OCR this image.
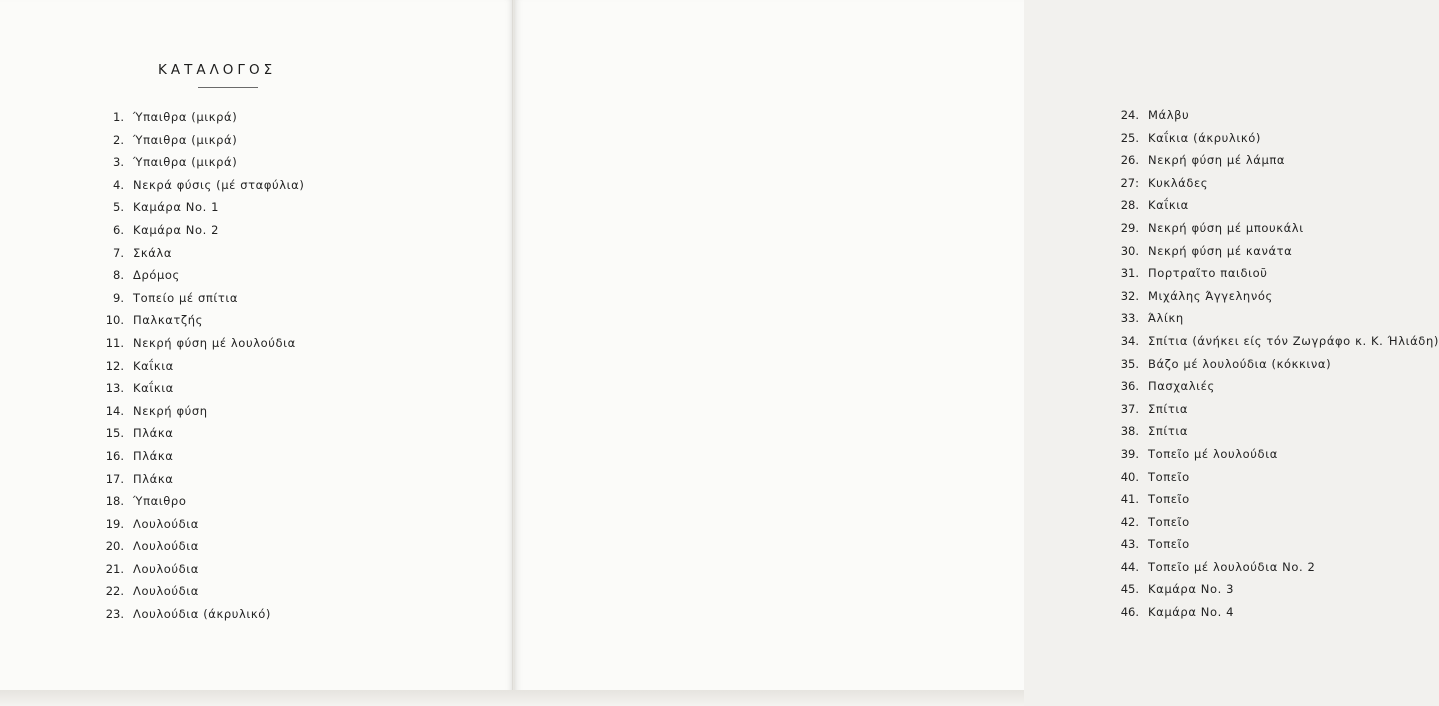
ΚΑΤΑΛΟΓΟΣ
1. Ύπαιθρα (μικρά)
2. Ύπαιθρα (μικρά)
3. Ύπαιθρα (μικρά)
4. Νεκρά φύσις (μέ σταφύλια)
5. Καμάρα Νο. 1
6. Καμάρα Νο. 2
7. Σκάλα
8. Δρόμος
9. Τοπείο μέ σπίτια
10. Παλκατζής
11. Νεκρή φύση μέ λουλούδια
12. Καΐκια
13. Καΐκια
14. Νεκρή φύση
15. Πλάκα
16. Πλάκα
17. Πλάκα
18. Ύπαιθρο
19. Λουλούδια
20. Λουλούδια
21. Λουλούδια
22. Λουλούδια
23. Λουλούδια (άκρυλικό)
24. Μάλβυ
25. Καΐκια (άκρυλικό)
26. Νεκρή φύση μέ λάμπα
27: Κυκλάδες
28. Καΐκια
29. Νεκρή φύση μέ μπουκάλι
30. Νεκρή φύση μέ κανάτα
31. Πορτραῖτο παιδιοῦ
32. Μιχάλης Άγγεληνός
33. Άλίκη
34. Σπίτια (άνήκει είς τόν Ζωγράφο κ. Κ. Ήλιάδη)
35. Βάζο μέ λουλούδια (κόκκινα)
36. Πασχαλιές
37. Σπίτια
38. Σπίτια
39. Τοπεῖο μέ λουλούδια
40. Τοπεῖο
41. Τοπεῖο
42. Τοπεῖο
43. Τοπεῖο
44. Τοπεῖο μέ λουλούδια Νο. 2
45. Καμάρα Νο. 3
46. Καμάρα Νο. 4
